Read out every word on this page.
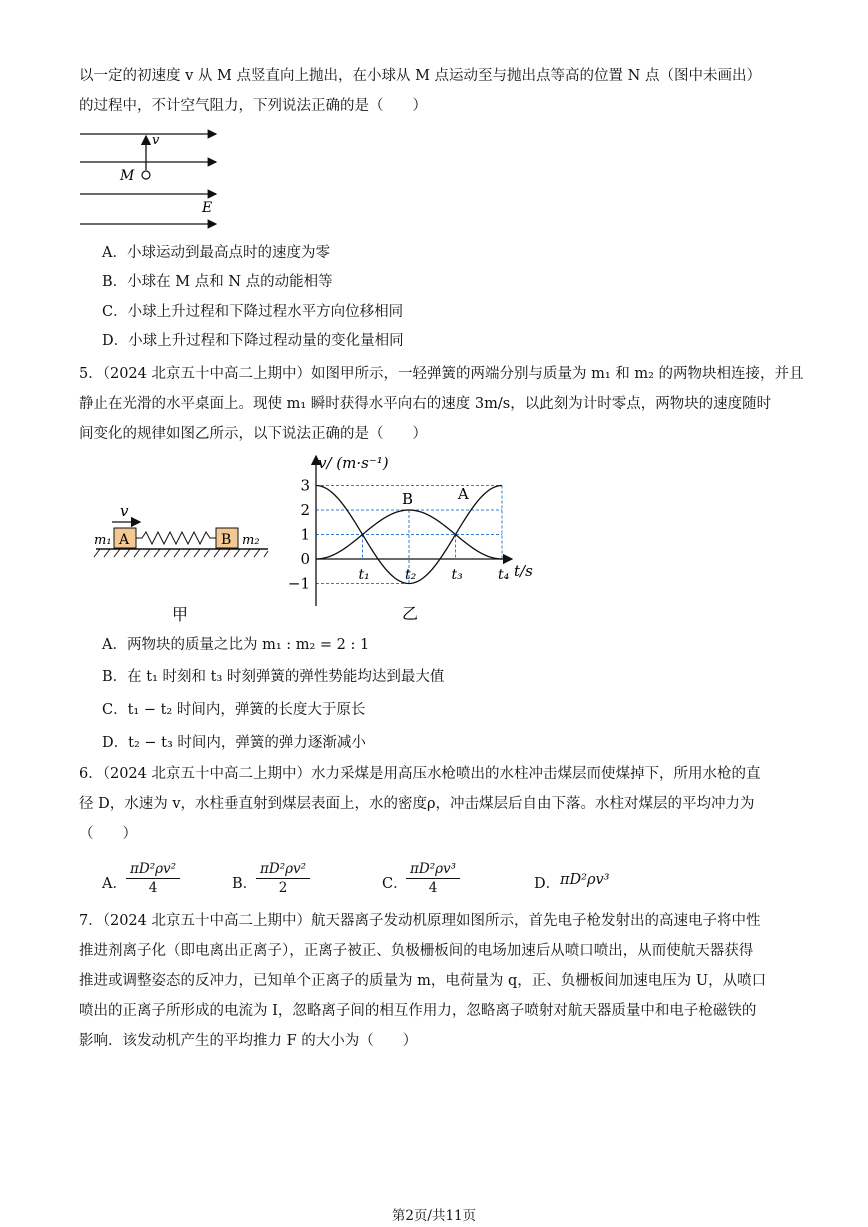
以一定的初速度 v 从 M 点竖直向上抛出，在小球从 M 点运动至与抛出点等高的位置 N 点（图中未画出）
的过程中，不计空气阻力，下列说法正确的是（　　）
v
M
E
A．小球运动到最高点时的速度为零
B．小球在 M 点和 N 点的动能相等
C．小球上升过程和下降过程水平方向位移相同
D．小球上升过程和下降过程动量的变化量相同
5．（2024 北京五十中高二上期中）如图甲所示，一轻弹簧的两端分别与质量为 m₁ 和 m₂ 的两物块相连接，并且
静止在光滑的水平桌面上。现使 m₁ 瞬时获得水平向右的速度 3m/s，以此刻为计时零点，两物块的速度随时
间变化的规律如图乙所示，以下说法正确的是（　　）
v
m₁ A	B m₂
甲
A
B
3
2
1
0
−1	t₁	t₂	t₃	t₄
v/ (m·s⁻¹)
t/s
乙
A．两物块的质量之比为 m₁ : m₂ = 2 : 1
B．在 t₁ 时刻和 t₃ 时刻弹簧的弹性势能均达到最大值
C．t₁ − t₂ 时间内，弹簧的长度大于原长
D．t₂ − t₃ 时间内，弹簧的弹力逐渐减小
6．（2024 北京五十中高二上期中）水力采煤是用高压水枪喷出的水柱冲击煤层而使煤掉下，所用水枪的直
径 D，水速为 v，水柱垂直射到煤层表面上，水的密度ρ，冲击煤层后自由下落。水柱对煤层的平均冲力为
（　　）
A． $\frac{\text{πD²ρv²}}{4}$	B．
$\frac{\text{πD²ρv²}}{2}$	C．
$\frac{\text{πD²ρv³}}{4}$	D． πD²ρv³
7．（2024 北京五十中高二上期中）航天器离子发动机原理如图所示，首先电子枪发射出的高速电子将中性
推进剂离子化（即电离出正离子），正离子被正、负极栅板间的电场加速后从喷口喷出，从而使航天器获得
推进或调整姿态的反冲力，已知单个正离子的质量为 m，电荷量为 q，正、负栅板间加速电压为 U，从喷口
喷出的正离子所形成的电流为 I，忽略离子间的相互作用力，忽略离子喷射对航天器质量中和电子枪磁铁的
影响．该发动机产生的平均推力 F 的大小为（　　）
第2页/共11页
